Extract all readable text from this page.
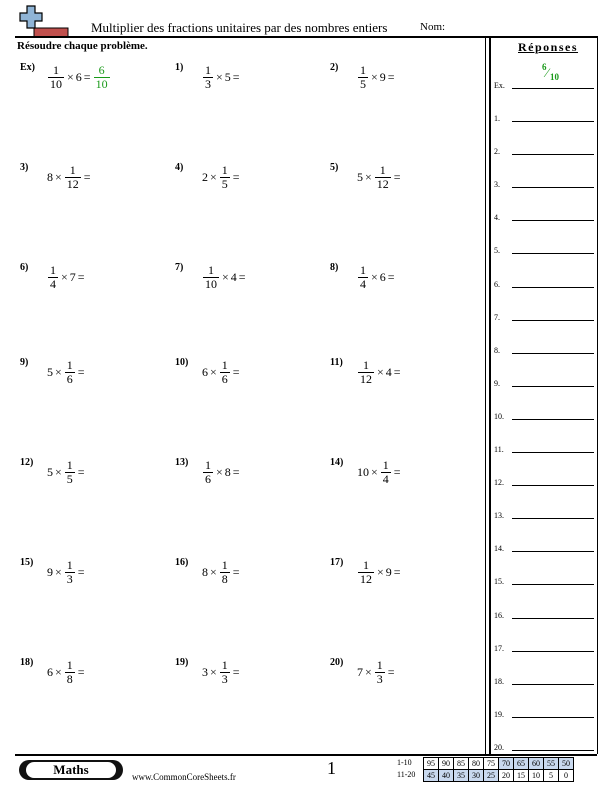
Multiplier des fractions unitaires par des nombres entiers	Nom:
Résoudre chaque problème.
$Ex) \frac{1}{10} \times 6 = \frac{6}{10}$	$1) \frac{1}{3} \times 5$ =
$2) \frac{1}{5} \times 9$ =
3)
$8 \times \frac{1}{12}$ =
4)
$2 \times \frac{1}{5}$ =
5)
$5 \times \frac{1}{12}$ =
$6) \frac{1}{4} \times 7$ =
$7) \frac{1}{10} \times 4$ =
$8) \frac{1}{4} \times 6$ =
9)
$5 \times \frac{1}{6}$ =
10)
$6 \times \frac{1}{6}$ =
$11) \frac{1}{12} \times 4$ =
12)
$5 \times \frac{1}{5}$ =
$13) \frac{1}{6} \times 8$ =
14)
$10 \times \frac{1}{4}$ =
15)
$9 \times \frac{1}{3}$ =
16)
$8 \times \frac{1}{8}$ =
$17) \frac{1}{12} \times 9$ =
18)
$6 \times \frac{1}{8}$ =
19)
$3 \times \frac{1}{3}$ =
20)
$7 \times \frac{1}{3}$ =
Réponses
Ex.
6 ⁄ 10
1.
2.
3.
4.
5.
6.
7.
8.
9.
10.
11.
12.
13.
14.
15.
16.
17.
18.
19.
20.
Maths	www.CommonCoreSheets.fr	1	1-10
11-20
95	90	85	80	75	70	65	60	55	50
45	40	35	30	25	20	15	10	5	0
